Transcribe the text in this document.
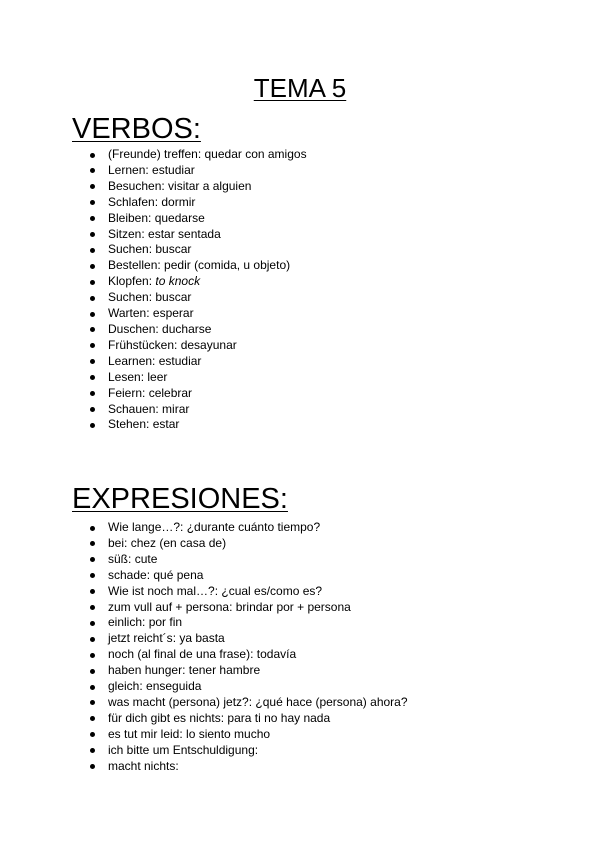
TEMA 5
VERBOS:
(Freunde) treffen: quedar con amigos
Lernen: estudiar
Besuchen: visitar a alguien
Schlafen: dormir
Bleiben: quedarse
Sitzen: estar sentada
Suchen: buscar
Bestellen: pedir (comida, u objeto)
Klopfen: to knock
Suchen: buscar
Warten: esperar
Duschen: ducharse
Frühstücken: desayunar
Learnen: estudiar
Lesen: leer
Feiern: celebrar
Schauen: mirar
Stehen: estar
EXPRESIONES:
Wie lange…?: ¿durante cuánto tiempo?
bei: chez (en casa de)
süß: cute
schade: qué pena
Wie ist noch mal…?: ¿cual es/como es?
zum vull auf + persona: brindar por + persona
einlich: por fin
jetzt reicht´s: ya basta
noch (al final de una frase): todavía
haben hunger: tener hambre
gleich: enseguida
was macht (persona) jetz?: ¿qué hace (persona) ahora?
für dich gibt es nichts: para ti no hay nada
es tut mir leid: lo siento mucho
ich bitte um Entschuldigung:
macht nichts:
